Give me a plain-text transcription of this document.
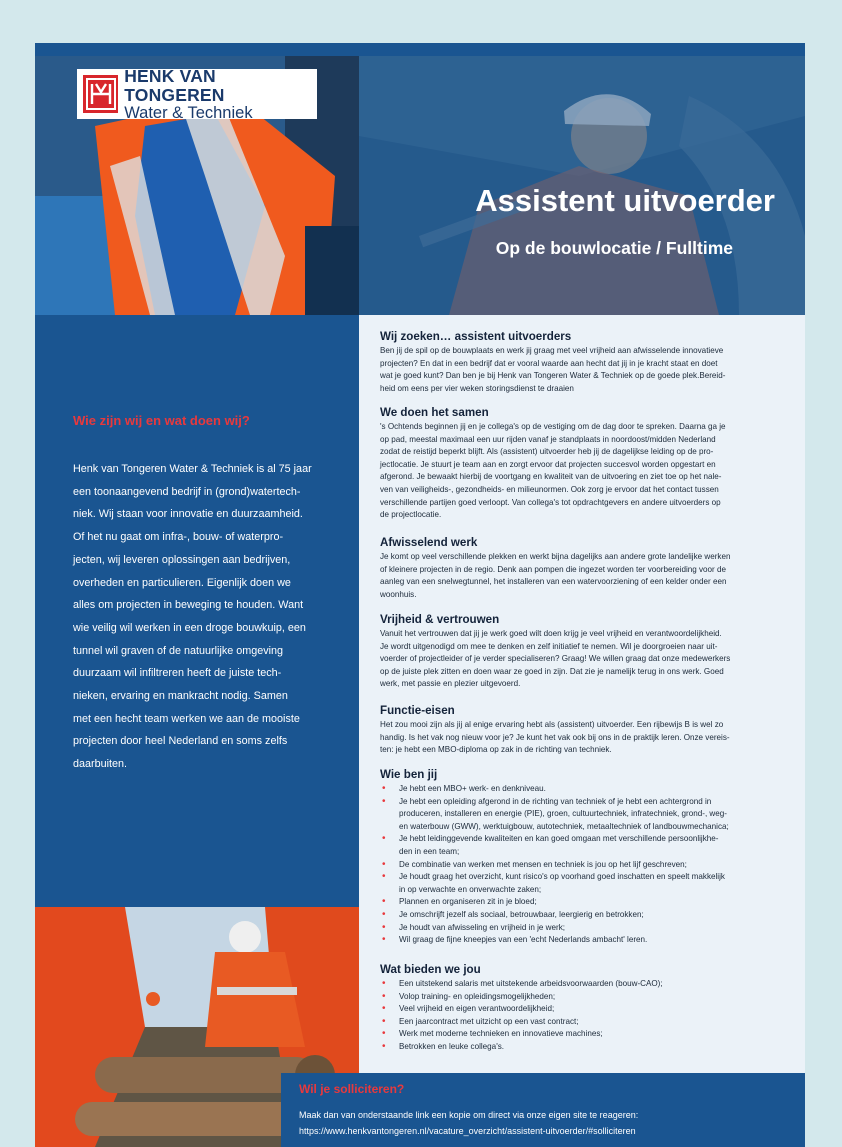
HENK VAN TONGEREN
Water & Techniek
Assistent uitvoerder
Op de bouwlocatie / Fulltime
Wie zijn wij en wat doen wij?
Henk van Tongeren Water & Techniek is al 75 jaar
een toonaangevend bedrijf in (grond)watertech-
niek. Wij staan voor innovatie en duurzaamheid.
Of het nu gaat om infra-, bouw- of waterpro-
jecten, wij leveren oplossingen aan bedrijven,
overheden en particulieren. Eigenlijk doen we
alles om projecten in beweging te houden. Want
wie veilig wil werken in een droge bouwkuip, een
tunnel wil graven of de natuurlijke omgeving
duurzaam wil infiltreren heeft de juiste tech-
nieken, ervaring en mankracht nodig. Samen
met een hecht team werken we aan de mooiste
projecten door heel Nederland en soms zelfs
daarbuiten.
Wij zoeken… assistent uitvoerders
Ben jij de spil op de bouwplaats en werk jij graag met veel vrijheid aan afwisselende innovatieve
projecten? En dat in een bedrijf dat er vooral waarde aan hecht dat jij in je kracht staat en doet
wat je goed kunt? Dan ben je bij Henk van Tongeren Water & Techniek op de goede plek.Bereid-
heid om eens per vier weken storingsdienst te draaien
We doen het samen
's Ochtends beginnen jij en je collega's op de vestiging om de dag door te spreken. Daarna ga je
op pad, meestal maximaal een uur rijden vanaf je standplaats in noordoost/midden Nederland
zodat de reistijd beperkt blijft. Als (assistent) uitvoerder heb jij de dagelijkse leiding op de pro-
jectlocatie. Je stuurt je team aan en zorgt ervoor dat projecten succesvol worden opgestart en
afgerond. Je bewaakt hierbij de voortgang en kwaliteit van de uitvoering en ziet toe op het nale-
ven van veiligheids-, gezondheids- en milieunormen. Ook zorg je ervoor dat het contact tussen
verschillende partijen goed verloopt. Van collega's tot opdrachtgevers en andere uitvoerders op
de projectlocatie.
Afwisselend werk
Je komt op veel verschillende plekken en werkt bijna dagelijks aan andere grote landelijke werken
of kleinere projecten in de regio. Denk aan pompen die ingezet worden ter voorbereiding voor de
aanleg van een snelwegtunnel, het installeren van een watervoorziening of een kelder onder een
woonhuis.
Vrijheid & vertrouwen
Vanuit het vertrouwen dat jij je werk goed wilt doen krijg je veel vrijheid en verantwoordelijkheid.
Je wordt uitgenodigd om mee te denken en zelf initiatief te nemen. Wil je doorgroeien naar uit-
voerder of projectleider of je verder specialiseren? Graag! We willen graag dat onze medewerkers
op de juiste plek zitten en doen waar ze goed in zijn. Dat zie je namelijk terug in ons werk. Goed
werk, met passie en plezier uitgevoerd.
Functie-eisen
Het zou mooi zijn als jij al enige ervaring hebt als (assistent) uitvoerder. Een rijbewijs B is wel zo
handig. Is het vak nog nieuw voor je? Je kunt het vak ook bij ons in de praktijk leren. Onze vereis-
ten: je hebt een MBO-diploma op zak in de richting van techniek.
Wie ben jij
• Je hebt een MBO+ werk- en denkniveau.
• Je hebt een opleiding afgerond in de richting van techniek of je hebt een achtergrond in
produceren, installeren en energie (PIE), groen, cultuurtechniek, infratechniek, grond-, weg-
en waterbouw (GWW), werktuigbouw, autotechniek, metaaltechniek of landbouwmechanica;
• Je hebt leidinggevende kwaliteiten en kan goed omgaan met verschillende persoonlijkhe-
den in een team;
• De combinatie van werken met mensen en techniek is jou op het lijf geschreven;
• Je houdt graag het overzicht, kunt risico's op voorhand goed inschatten en speelt makkelijk
in op verwachte en onverwachte zaken;
• Plannen en organiseren zit in je bloed;
• Je omschrijft jezelf als sociaal, betrouwbaar, leergierig en betrokken;
• Je houdt van afwisseling en vrijheid in je werk;
• Wil graag de fijne kneepjes van een 'echt Nederlands ambacht' leren.
Wat bieden we jou
• Een uitstekend salaris met uitstekende arbeidsvoorwaarden (bouw-CAO);
• Volop training- en opleidingsmogelijkheden;
• Veel vrijheid en eigen verantwoordelijkheid;
• Een jaarcontract met uitzicht op een vast contract;
• Werk met moderne technieken en innovatieve machines;
• Betrokken en leuke collega's.
Wil je solliciteren?
Maak dan van onderstaande link een kopie om direct via onze eigen site te reageren:
https://www.henkvantongeren.nl/vacature_overzicht/assistent-uitvoerder/#solliciteren
